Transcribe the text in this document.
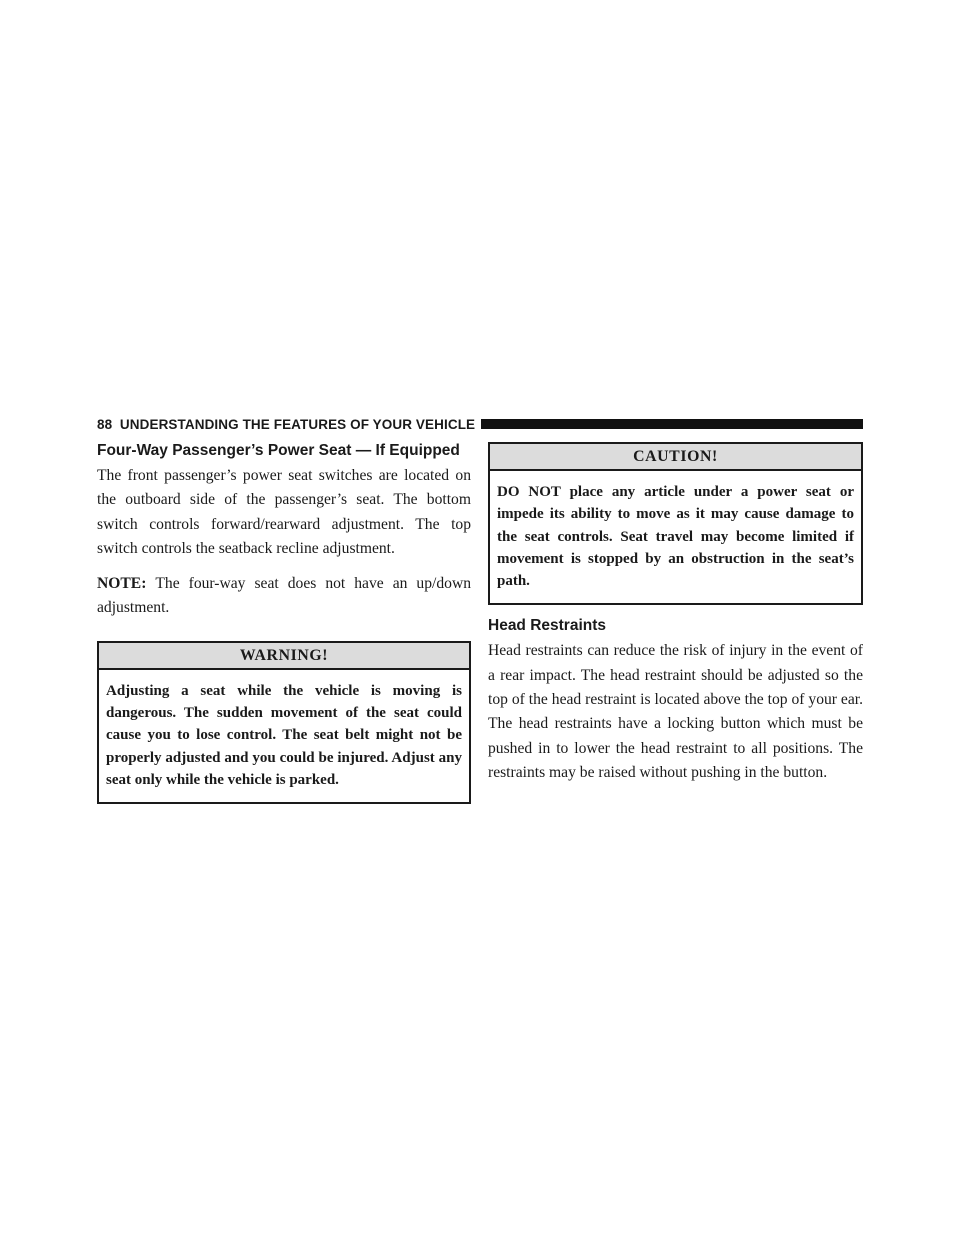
88 UNDERSTANDING THE FEATURES OF YOUR VEHICLE
Four-Way Passenger’s Power Seat — If Equipped

The front passenger’s power seat switches are located on the outboard side of the passenger’s seat. The bottom switch controls forward/rearward adjustment. The top switch controls the seatback recline adjustment.

NOTE: The four-way seat does not have an up/down adjustment.

WARNING!
Adjusting a seat while the vehicle is moving is dangerous. The sudden movement of the seat could cause you to lose control. The seat belt might not be properly adjusted and you could be injured. Adjust any seat only while the vehicle is parked.
CAUTION!
DO NOT place any article under a power seat or impede its ability to move as it may cause damage to the seat controls. Seat travel may become limited if movement is stopped by an obstruction in the seat’s path.
Head Restraints

Head restraints can reduce the risk of injury in the event of a rear impact. The head restraint should be adjusted so the top of the head restraint is located above the top of your ear. The head restraints have a locking button which must be pushed in to lower the head restraint to all positions. The restraints may be raised without pushing in the button.
